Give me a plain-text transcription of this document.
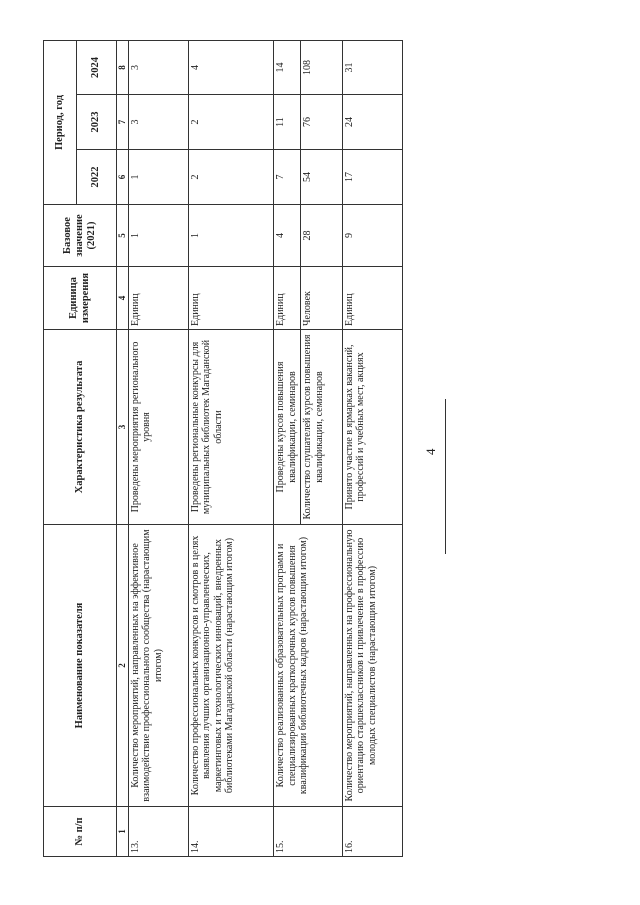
№ п/п	Наименование показателя	Характеристика результата	Единица измерения	Базовое значение (2021)	Период, год		
					2022	2023	2024
1	2	3	4	5	6	7	8
13.	Количество мероприятий, направленных на эффективное взаимодействие профессионального сообщества (нарастающим итогом)	Проведены мероприятия регионального уровня	Единиц	1	1	3	3
14.	Количество профессиональных конкурсов и смотров в целях выявления лучших организационно-управленческих, маркетинговых и технологических инноваций, внедренных библиотеками Магаданской области (нарастающим итогом)	Проведены региональные конкурсы для муниципальных библиотек Магаданской области	Единиц	1	2	2	4
15.	Количество реализованных образовательных программ и специализированных краткосрочных курсов повышения квалификации библиотечных кадров (нарастающим итогом)	Проведены курсов повышения квалификации, семинаров	Единиц	4	7	11	14
		Количество слушателей курсов повышения квалификации, семинаров	Человек	28	54	76	108
16.	Количество мероприятий, направленных на профессиональную ориентацию старшеклассников и привлечение в профессию молодых специалистов (нарастающим итогом)	Принято участие в ярмарках вакансий, профессий и учебных мест, акциях	Единиц	9	17	24	31
4
